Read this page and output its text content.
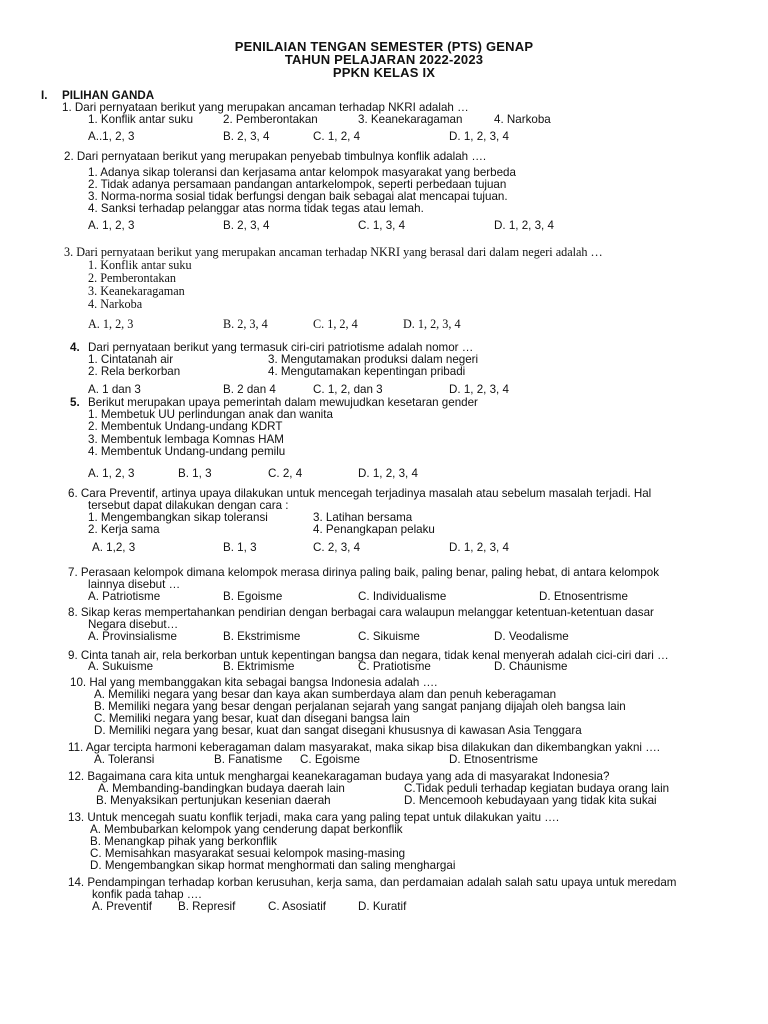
PENILAIAN TENGAN SEMESTER (PTS) GENAP
TAHUN PELAJARAN 2022-2023
PPKN KELAS IX
I. PILIHAN GANDA
1. Dari pernyataan berikut yang merupakan ancaman terhadap NKRI adalah …
1. Konflik antar suku	2. Pemberontakan	3. Keanekaragaman	4. Narkoba
A..1, 2, 3	B. 2, 3, 4	C. 1, 2, 4	D. 1, 2, 3, 4
2. Dari pernyataan berikut yang merupakan penyebab timbulnya konflik adalah ….
1. Adanya sikap toleransi dan kerjasama antar kelompok masyarakat yang berbeda
2. Tidak adanya persamaan pandangan antarkelompok, seperti perbedaan tujuan
3. Norma-norma sosial tidak berfungsi dengan baik sebagai alat mencapai tujuan.
4. Sanksi terhadap pelanggar atas norma tidak tegas atau lemah.
A. 1, 2, 3	B. 2, 3, 4	C. 1, 3, 4	D. 1, 2, 3, 4
3. Dari pernyataan berikut yang merupakan ancaman terhadap NKRI yang berasal dari dalam negeri adalah …
1. Konflik antar suku
2. Pemberontakan
3. Keanekaragaman
4. Narkoba
A. 1, 2, 3	B. 2, 3, 4	C. 1, 2, 4	D. 1, 2, 3, 4
4. Dari pernyataan berikut yang termasuk ciri-ciri patriotisme adalah nomor …
1. Cintatanah air	3. Mengutamakan produksi dalam negeri
2. Rela berkorban	4. Mengutamakan kepentingan pribadi
A. 1 dan 3	B. 2 dan 4	C. 1, 2, dan 3	D. 1, 2, 3, 4
5. Berikut merupakan upaya pemerintah dalam mewujudkan kesetaran gender
1. Membetuk UU perlindungan anak dan wanita
2. Membentuk Undang-undang KDRT
3. Membentuk lembaga Komnas HAM
4. Membentuk Undang-undang pemilu
A. 1, 2, 3	B. 1, 3	C. 2, 4	D. 1, 2, 3, 4
6. Cara Preventif, artinya upaya dilakukan untuk mencegah terjadinya masalah atau sebelum masalah terjadi. Hal
tersebut dapat dilakukan dengan cara :
1. Mengembangkan sikap toleransi	3. Latihan bersama
2. Kerja sama	4. Penangkapan pelaku
A. 1,2, 3	B. 1, 3	C. 2, 3, 4	D. 1, 2, 3, 4
7. Perasaan kelompok dimana kelompok merasa dirinya paling baik, paling benar, paling hebat, di antara kelompok
lainnya disebut …
A. Patriotisme	B. Egoisme	C. Individualisme	D. Etnosentrisme
8. Sikap keras mempertahankan pendirian dengan berbagai cara walaupun melanggar ketentuan-ketentuan dasar
Negara disebut…
A. Provinsialisme	B. Ekstrimisme	C. Sikuisme	D. Veodalisme
9. Cinta tanah air, rela berkorban untuk kepentingan bangsa dan negara, tidak kenal menyerah adalah cici-ciri dari …
A. Sukuisme	B. Ektrimisme	C. Pratiotisme	D. Chaunisme
10. Hal yang membanggakan kita sebagai bangsa Indonesia adalah ….
A. Memiliki negara yang besar dan kaya akan sumberdaya alam dan penuh keberagaman
B. Memiliki negara yang besar dengan perjalanan sejarah yang sangat panjang dijajah oleh bangsa lain
C. Memiliki negara yang besar, kuat dan disegani bangsa lain
D. Memiliki negara yang besar, kuat dan sangat disegani khususnya di kawasan Asia Tenggara
11. Agar tercipta harmoni keberagaman dalam masyarakat, maka sikap bisa dilakukan dan dikembangkan yakni ….
A. Toleransi	B. Fanatisme C. Egoisme	D. Etnosentrisme
12. Bagaimana cara kita untuk menghargai keanekaragaman budaya yang ada di masyarakat Indonesia?
A. Membanding-bandingkan budaya daerah lain	C.Tidak peduli terhadap kegiatan budaya orang lain
B. Menyaksikan pertunjukan kesenian daerah	D. Mencemooh kebudayaan yang tidak kita sukai
13. Untuk mencegah suatu konflik terjadi, maka cara yang paling tepat untuk dilakukan yaitu ….
A. Membubarkan kelompok yang cenderung dapat berkonflik
B. Menangkap pihak yang berkonflik
C. Memisahkan masyarakat sesuai kelompok masing-masing
D. Mengembangkan sikap hormat menghormati dan saling menghargai
14. Pendampingan terhadap korban kerusuhan, kerja sama, dan perdamaian adalah salah satu upaya untuk meredam
konfik pada tahap ….
A. Preventif B. Represif	C. Asosiatif	D. Kuratif
